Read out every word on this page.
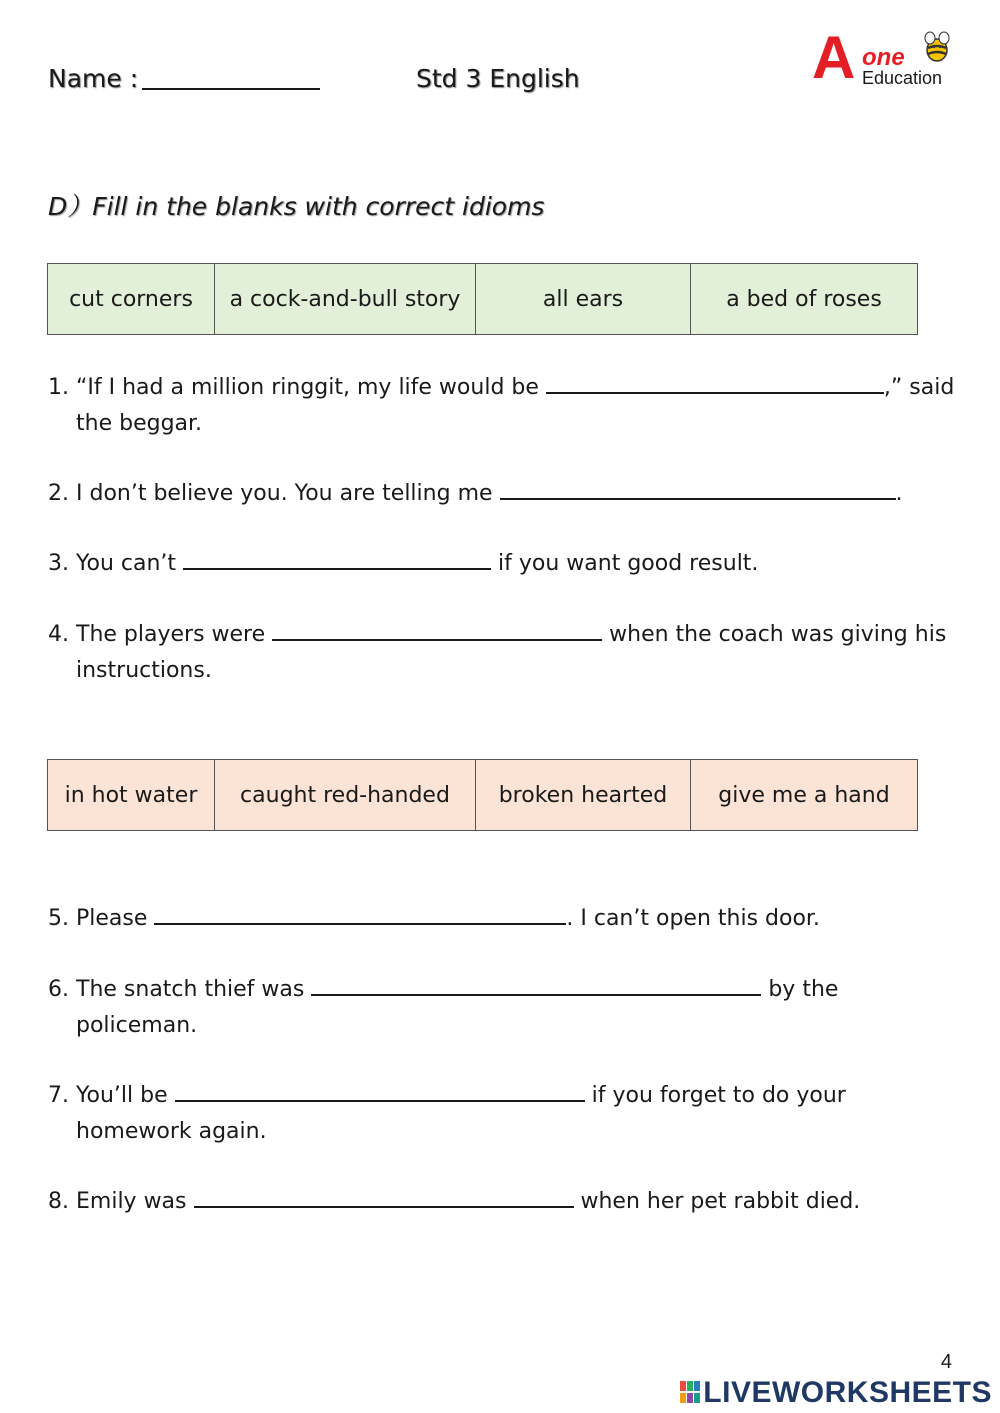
Name :	Std 3 English	A one
Education
D）Fill in the blanks with correct idioms
cut corners	a cock-and-bull story	all ears	a bed of roses
1. “If I had a million ringgit, my life would be	,” said
the beggar.
2. I don’t believe you. You are telling me	.
3. You can’t	if you want good result.
4. The players were	when the coach was giving his
instructions.
in hot water	caught red-handed	broken hearted	give me a hand
5. Please	. I can’t open this door.
6. The snatch thief was	by the
policeman.
7. You’ll be	if you forget to do your
homework again.
8. Emily was	when her pet rabbit died.
4
LIVEWORKSHEETS
